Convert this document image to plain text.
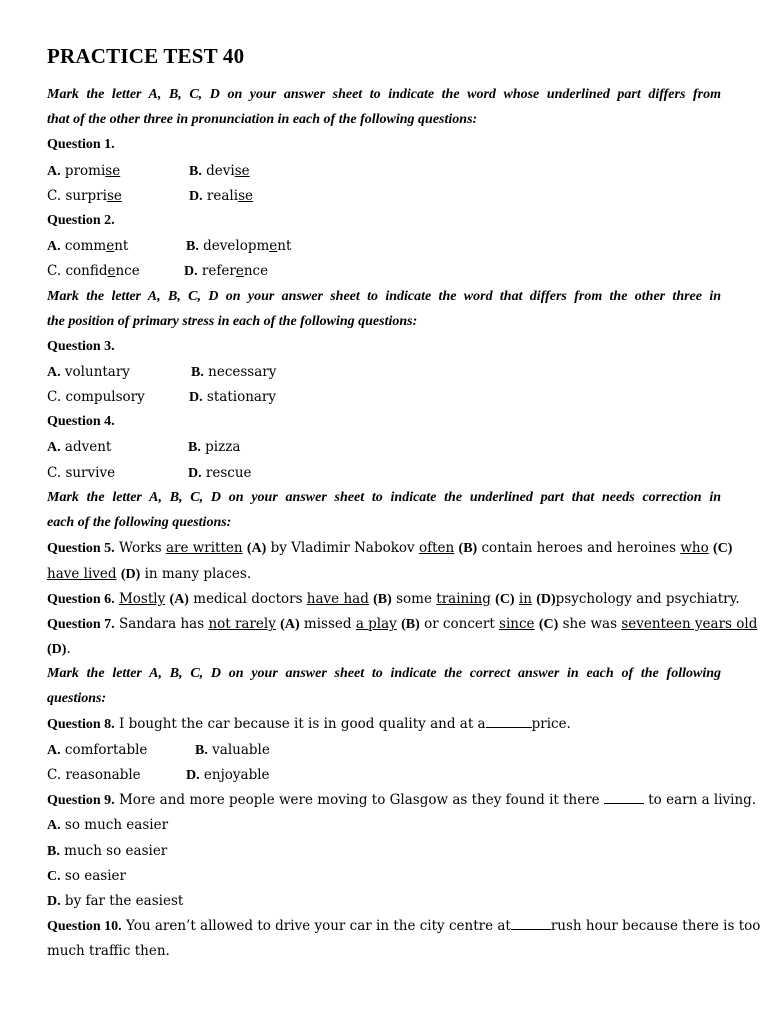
PRACTICE TEST 40
Mark the letter A, B, C, D on your answer sheet to indicate the word whose underlined part differs from
that of the other three in pronunciation in each of the following questions:
Question 1.
A. promise	B. devise
C. surprise	D. realise
Question 2.
A. comment	B. development
C. confidence	D. reference
Mark the letter A, B, C, D on your answer sheet to indicate the word that differs from the other three in
the position of primary stress in each of the following questions:
Question 3.
A. voluntary	B. necessary
C. compulsory	D. stationary
Question 4.
A. advent	B. pizza
C. survive	D. rescue
Mark the letter A, B, C, D on your answer sheet to indicate the underlined part that needs correction in
each of the following questions:
Question 5. Works are written (A) by Vladimir Nabokov often (B) contain heroes and heroines who (C)
have lived (D) in many places.
Question 6. Mostly (A) medical doctors have had (B) some training (C) in (D)psychology and psychiatry.
Question 7. Sandara has not rarely (A) missed a play (B) or concert since (C) she was seventeen years old
(D).
Mark the letter A, B, C, D on your answer sheet to indicate the correct answer in each of the following
questions:
Question 8. I bought the car because it is in good quality and at a	price.
A. comfortable	B. valuable
C. reasonable	D. enjoyable
Question 9. More and more people were moving to Glasgow as they found it there	to earn a living.
A. so much easier
B. much so easier
C. so easier
D. by far the easiest
Question 10. You aren’t allowed to drive your car in the city centre at	rush hour because there is too
much traffic then.
